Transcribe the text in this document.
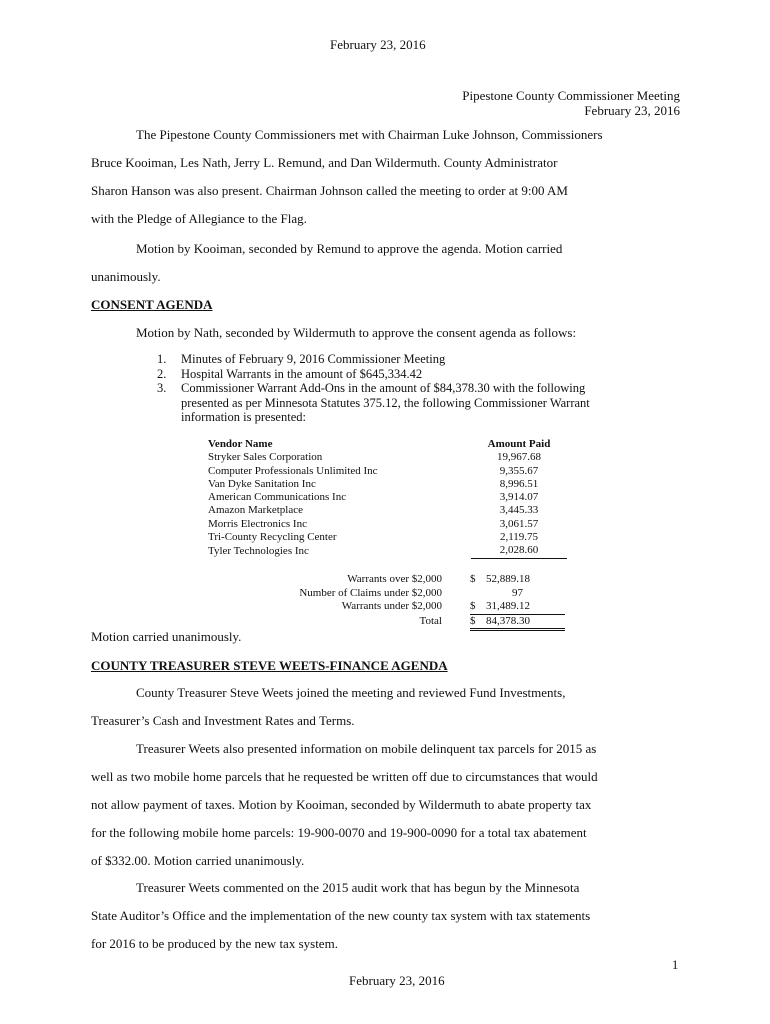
February 23, 2016
Pipestone County Commissioner Meeting
February 23, 2016
The Pipestone County Commissioners met with Chairman Luke Johnson, Commissioners
Bruce Kooiman, Les Nath, Jerry L. Remund, and Dan Wildermuth. County Administrator
Sharon Hanson was also present. Chairman Johnson called the meeting to order at 9:00 AM
with the Pledge of Allegiance to the Flag.
Motion by Kooiman, seconded by Remund to approve the agenda. Motion carried
unanimously.
CONSENT AGENDA
Motion by Nath, seconded by Wildermuth to approve the consent agenda as follows:
1. Minutes of February 9, 2016 Commissioner Meeting
2. Hospital Warrants in the amount of $645,334.42
3. Commissioner Warrant Add-Ons in the amount of $84,378.30 with the following
presented as per Minnesota Statutes 375.12, the following Commissioner Warrant
information is presented:
Vendor Name	Amount Paid
Stryker Sales Corporation	19,967.68
Computer Professionals Unlimited Inc	9,355.67
Van Dyke Sanitation Inc	8,996.51
American Communications Inc	3,914.07
Amazon Marketplace	3,445.33
Morris Electronics Inc	3,061.57
Tri-County Recycling Center	2,119.75
Tyler Technologies Inc	2,028.60
Warrants over $2,000	$ 52,889.18
Number of Claims under $2,000	97
Warrants under $2,000	$ 31,489.12
Total	$ 84,378.30
Motion carried unanimously.
COUNTY TREASURER STEVE WEETS-FINANCE AGENDA
County Treasurer Steve Weets joined the meeting and reviewed Fund Investments,
Treasurer’s Cash and Investment Rates and Terms.
Treasurer Weets also presented information on mobile delinquent tax parcels for 2015 as
well as two mobile home parcels that he requested be written off due to circumstances that would
not allow payment of taxes. Motion by Kooiman, seconded by Wildermuth to abate property tax
for the following mobile home parcels: 19-900-0070 and 19-900-0090 for a total tax abatement
of $332.00. Motion carried unanimously.
Treasurer Weets commented on the 2015 audit work that has begun by the Minnesota
State Auditor’s Office and the implementation of the new county tax system with tax statements
for 2016 to be produced by the new tax system.
1
February 23, 2016
